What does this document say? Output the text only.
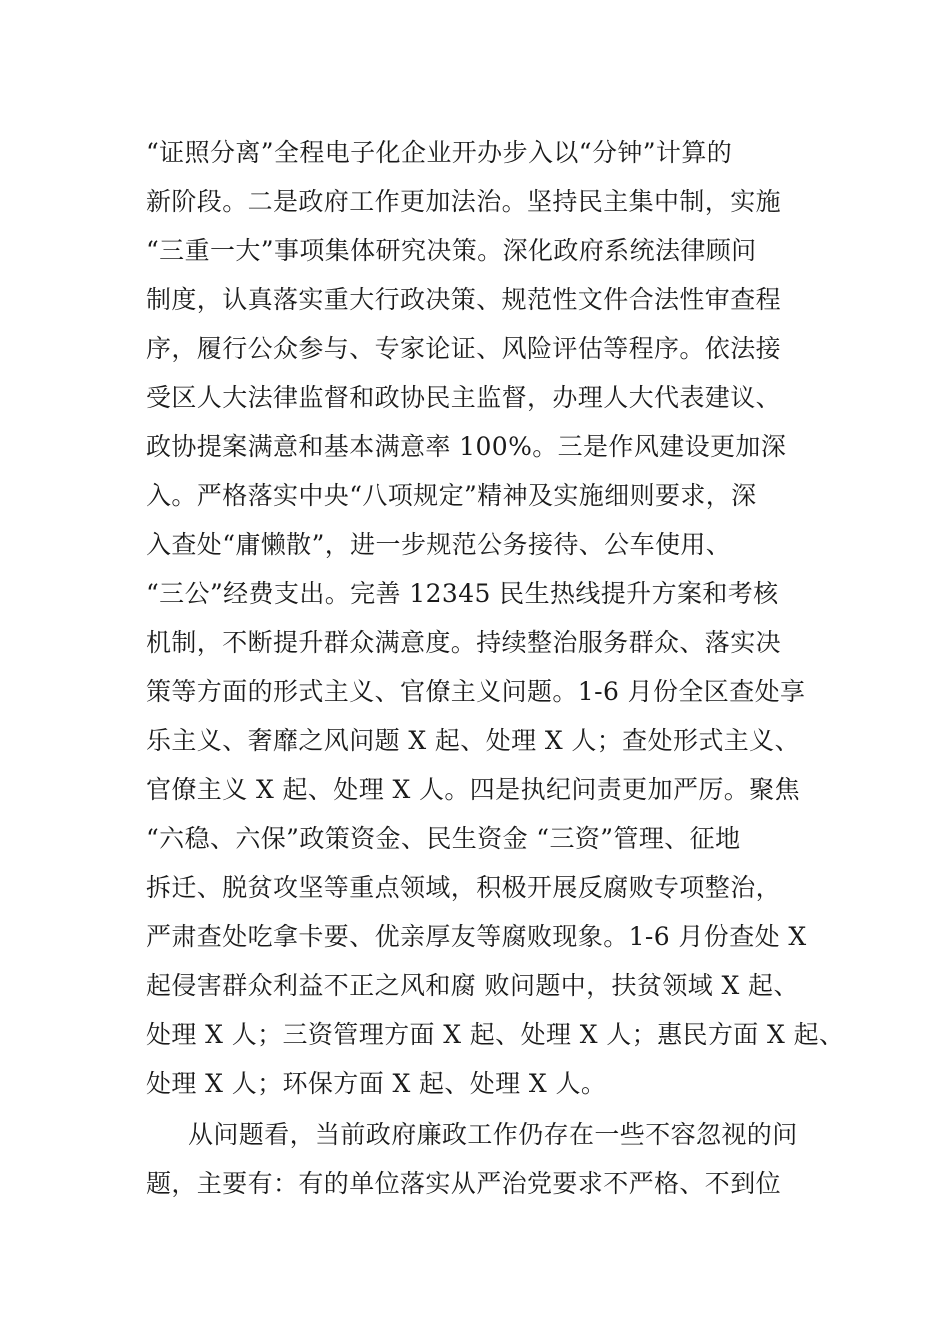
“证照分离”全程电子化企业开办步入以“分钟”计算的
新阶段。二是政府工作更加法治。坚持民主集中制，实施
“三重一大”事项集体研究决策。深化政府系统法律顾问
制度，认真落实重大行政决策、规范性文件合法性审查程
序，履行公众参与、专家论证、风险评估等程序。依法接
受区人大法律监督和政协民主监督，办理人大代表建议、
政协提案满意和基本满意率 100%。三是作风建设更加深
入。严格落实中央“八项规定”精神及实施细则要求，深
入查处“庸懒散”，进一步规范公务接待、公车使用、
“三公”经费支出。完善 12345 民生热线提升方案和考核
机制，不断提升群众满意度。持续整治服务群众、落实决
策等方面的形式主义、官僚主义问题。1-6 月份全区查处享
乐主义、奢靡之风问题 X 起、处理 X 人；查处形式主义、
官僚主义 X 起、处理 X 人。四是执纪问责更加严厉。聚焦
“六稳、六保”政策资金、民生资金 “三资”管理、征地
拆迁、脱贫攻坚等重点领域，积极开展反腐败专项整治，
严肃查处吃拿卡要、优亲厚友等腐败现象。1-6 月份查处 X
起侵害群众利益不正之风和腐 败问题中，扶贫领域 X 起、
处理 X 人；三资管理方面 X 起、处理 X 人；惠民方面 X 起、
处理 X 人；环保方面 X 起、处理 X 人。
从问题看，当前政府廉政工作仍存在一些不容忽视的问
题，主要有：有的单位落实从严治党要求不严格、不到位
